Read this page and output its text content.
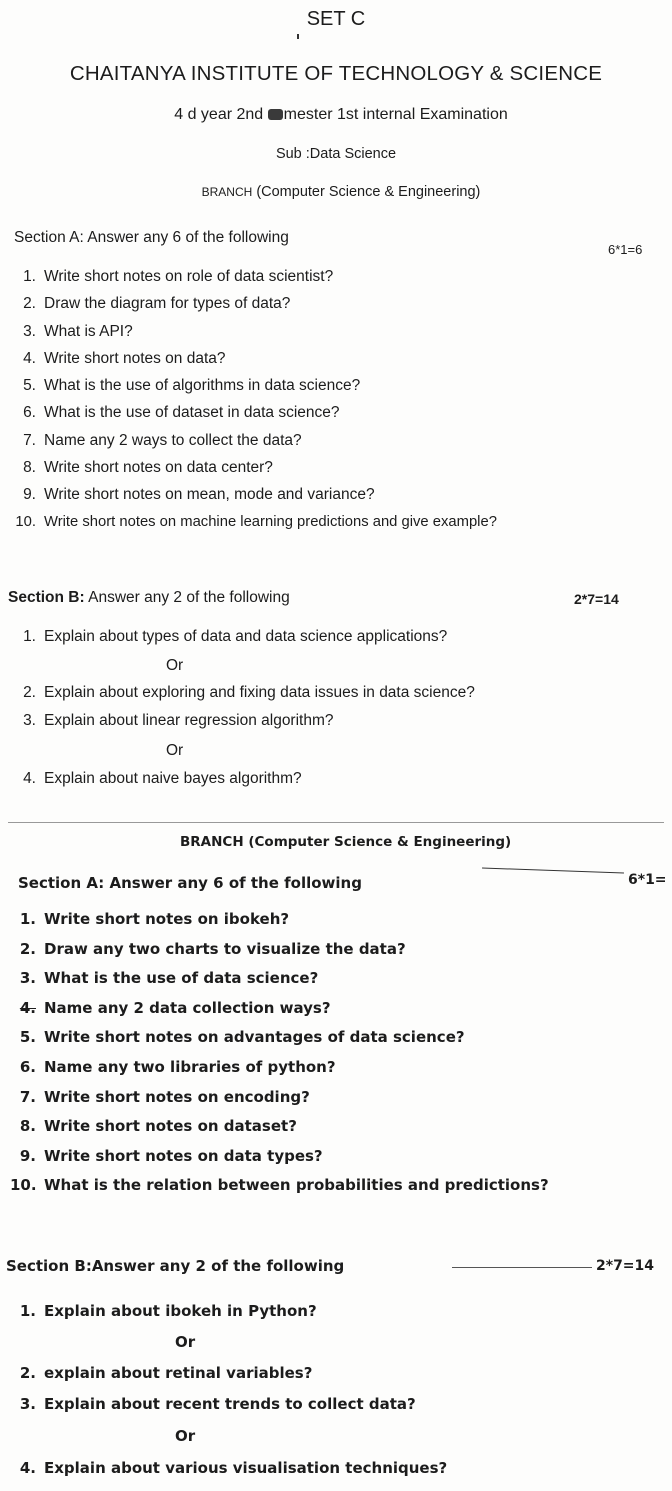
SET C
CHAITANYA INSTITUTE OF TECHNOLOGY & SCIENCE
4 d year 2nd mester 1st internal Examination
Sub :Data Science
BRANCH (Computer Science & Engineering)
Section A: Answer any 6 of the following
6*1=6
1. Write short notes on role of data scientist?
2. Draw the diagram for types of data?
3. What is API?
4. Write short notes on data?
5. What is the use of algorithms in data science?
6. What is the use of dataset in data science?
7. Name any 2 ways to collect the data?
8. Write short notes on data center?
9. Write short notes on mean, mode and variance?
10. Write short notes on machine learning predictions and give example?
Section B: Answer any 2 of the following	2*7=14
1. Explain about types of data and data science applications?
Or
2. Explain about exploring and fixing data issues in data science?
3. Explain about linear regression algorithm?
Or
4. Explain about naive bayes algorithm?
BRANCH (Computer Science & Engineering)
Section A: Answer any 6 of the following	6*1=
1. Write short notes on ibokeh?
2. Draw any two charts to visualize the data?
3. What is the use of data science?
4. Name any 2 data collection ways?
5. Write short notes on advantages of data science?
6. Name any two libraries of python?
7. Write short notes on encoding?
8. Write short notes on dataset?
9. Write short notes on data types?
10. What is the relation between probabilities and predictions?
Section B:Answer any 2 of the following	2*7=14
1. Explain about ibokeh in Python?
Or
2. explain about retinal variables?
3. Explain about recent trends to collect data?
Or
4. Explain about various visualisation techniques?
